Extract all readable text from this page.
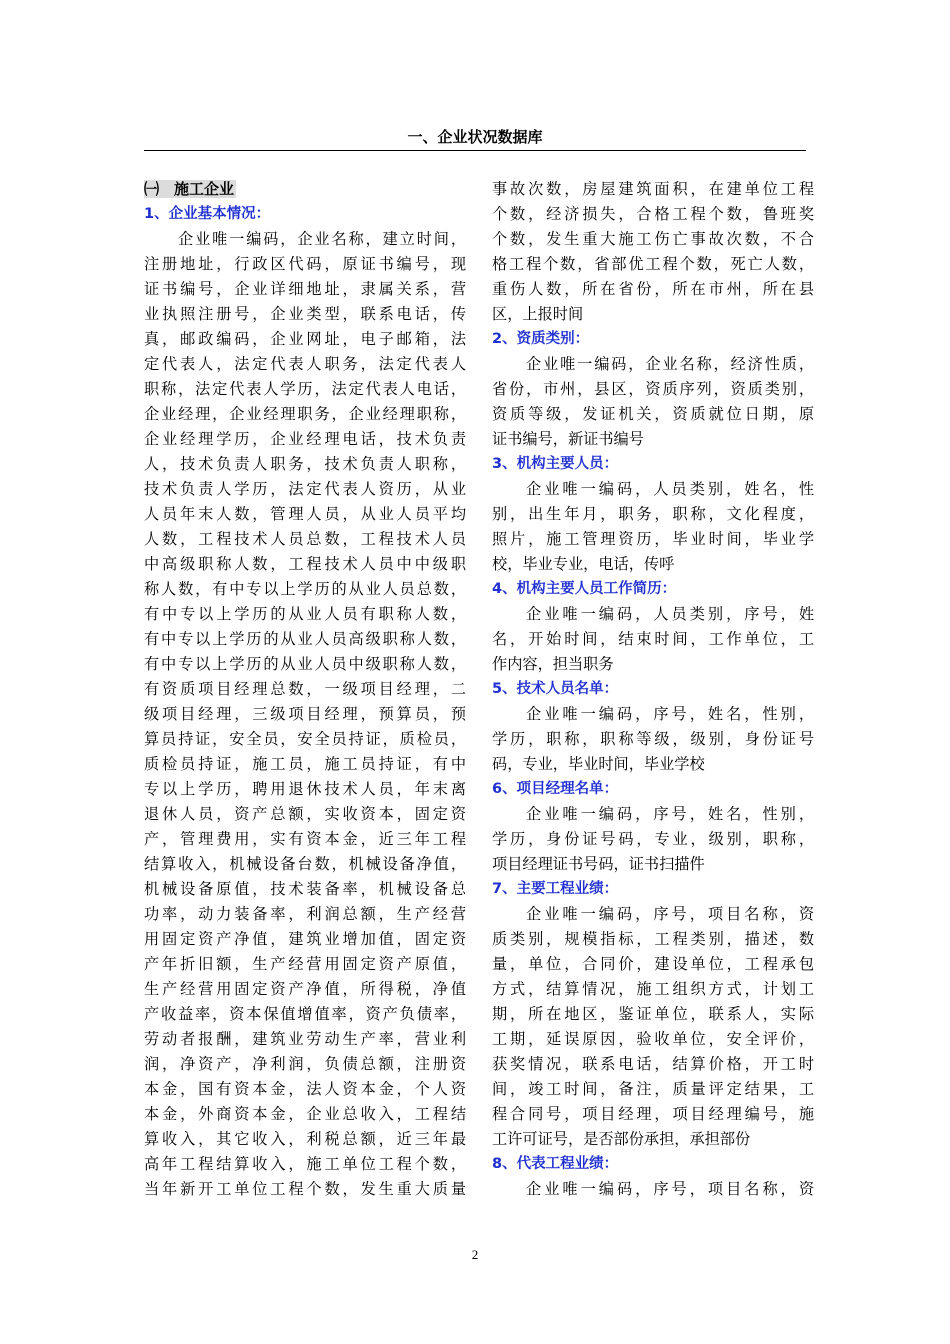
一、企业状况数据库
㈠　施工企业
1、企业基本情况：
企业唯一编码，企业名称，建立时间，
注册地址，行政区代码，原证书编号，现
证书编号，企业详细地址，隶属关系，营
业执照注册号，企业类型，联系电话，传
真，邮政编码，企业网址，电子邮箱，法
定代表人，法定代表人职务，法定代表人
职称，法定代表人学历，法定代表人电话，
企业经理，企业经理职务，企业经理职称，
企业经理学历，企业经理电话，技术负责
人，技术负责人职务，技术负责人职称，
技术负责人学历，法定代表人资历，从业
人员年末人数，管理人员，从业人员平均
人数，工程技术人员总数，工程技术人员
中高级职称人数，工程技术人员中中级职
称人数，有中专以上学历的从业人员总数，
有中专以上学历的从业人员有职称人数，
有中专以上学历的从业人员高级职称人数，
有中专以上学历的从业人员中级职称人数，
有资质项目经理总数，一级项目经理，二
级项目经理，三级项目经理，预算员，预
算员持证，安全员，安全员持证，质检员，
质检员持证，施工员，施工员持证，有中
专以上学历，聘用退休技术人员，年末离
退休人员，资产总额，实收资本，固定资
产，管理费用，实有资本金，近三年工程
结算收入，机械设备台数，机械设备净值，
机械设备原值，技术装备率，机械设备总
功率，动力装备率，利润总额，生产经营
用固定资产净值，建筑业增加值，固定资
产年折旧额，生产经营用固定资产原值，
生产经营用固定资产净值，所得税，净值
产收益率，资本保值增值率，资产负债率，
劳动者报酬，建筑业劳动生产率，营业利
润，净资产，净利润，负债总额，注册资
本金，国有资本金，法人资本金，个人资
本金，外商资本金，企业总收入，工程结
算收入，其它收入，利税总额，近三年最
高年工程结算收入，施工单位工程个数，
当年新开工单位工程个数，发生重大质量
事故次数，房屋建筑面积，在建单位工程
个数，经济损失，合格工程个数，鲁班奖
个数，发生重大施工伤亡事故次数，不合
格工程个数，省部优工程个数，死亡人数，
重伤人数，所在省份，所在市州，所在县
区，上报时间
2、资质类别：
企业唯一编码，企业名称，经济性质，
省份，市州，县区，资质序列，资质类别，
资质等级，发证机关，资质就位日期，原
证书编号，新证书编号
3、机构主要人员：
企业唯一编码，人员类别，姓名，性
别，出生年月，职务，职称，文化程度，
照片，施工管理资历，毕业时间，毕业学
校，毕业专业，电话，传呼
4、机构主要人员工作简历：
企业唯一编码，人员类别，序号，姓
名，开始时间，结束时间，工作单位，工
作内容，担当职务
5、技术人员名单：
企业唯一编码，序号，姓名，性别，
学历，职称，职称等级，级别，身份证号
码，专业，毕业时间，毕业学校
6、项目经理名单：
企业唯一编码，序号，姓名，性别，
学历，身份证号码，专业，级别，职称，
项目经理证书号码，证书扫描件
7、主要工程业绩：
企业唯一编码，序号，项目名称，资
质类别，规模指标，工程类别，描述，数
量，单位，合同价，建设单位，工程承包
方式，结算情况，施工组织方式，计划工
期，所在地区，鉴证单位，联系人，实际
工期，延误原因，验收单位，安全评价，
获奖情况，联系电话，结算价格，开工时
间，竣工时间，备注，质量评定结果，工
程合同号，项目经理，项目经理编号，施
工许可证号，是否部份承担，承担部份
8、代表工程业绩：
企业唯一编码，序号，项目名称，资
2
